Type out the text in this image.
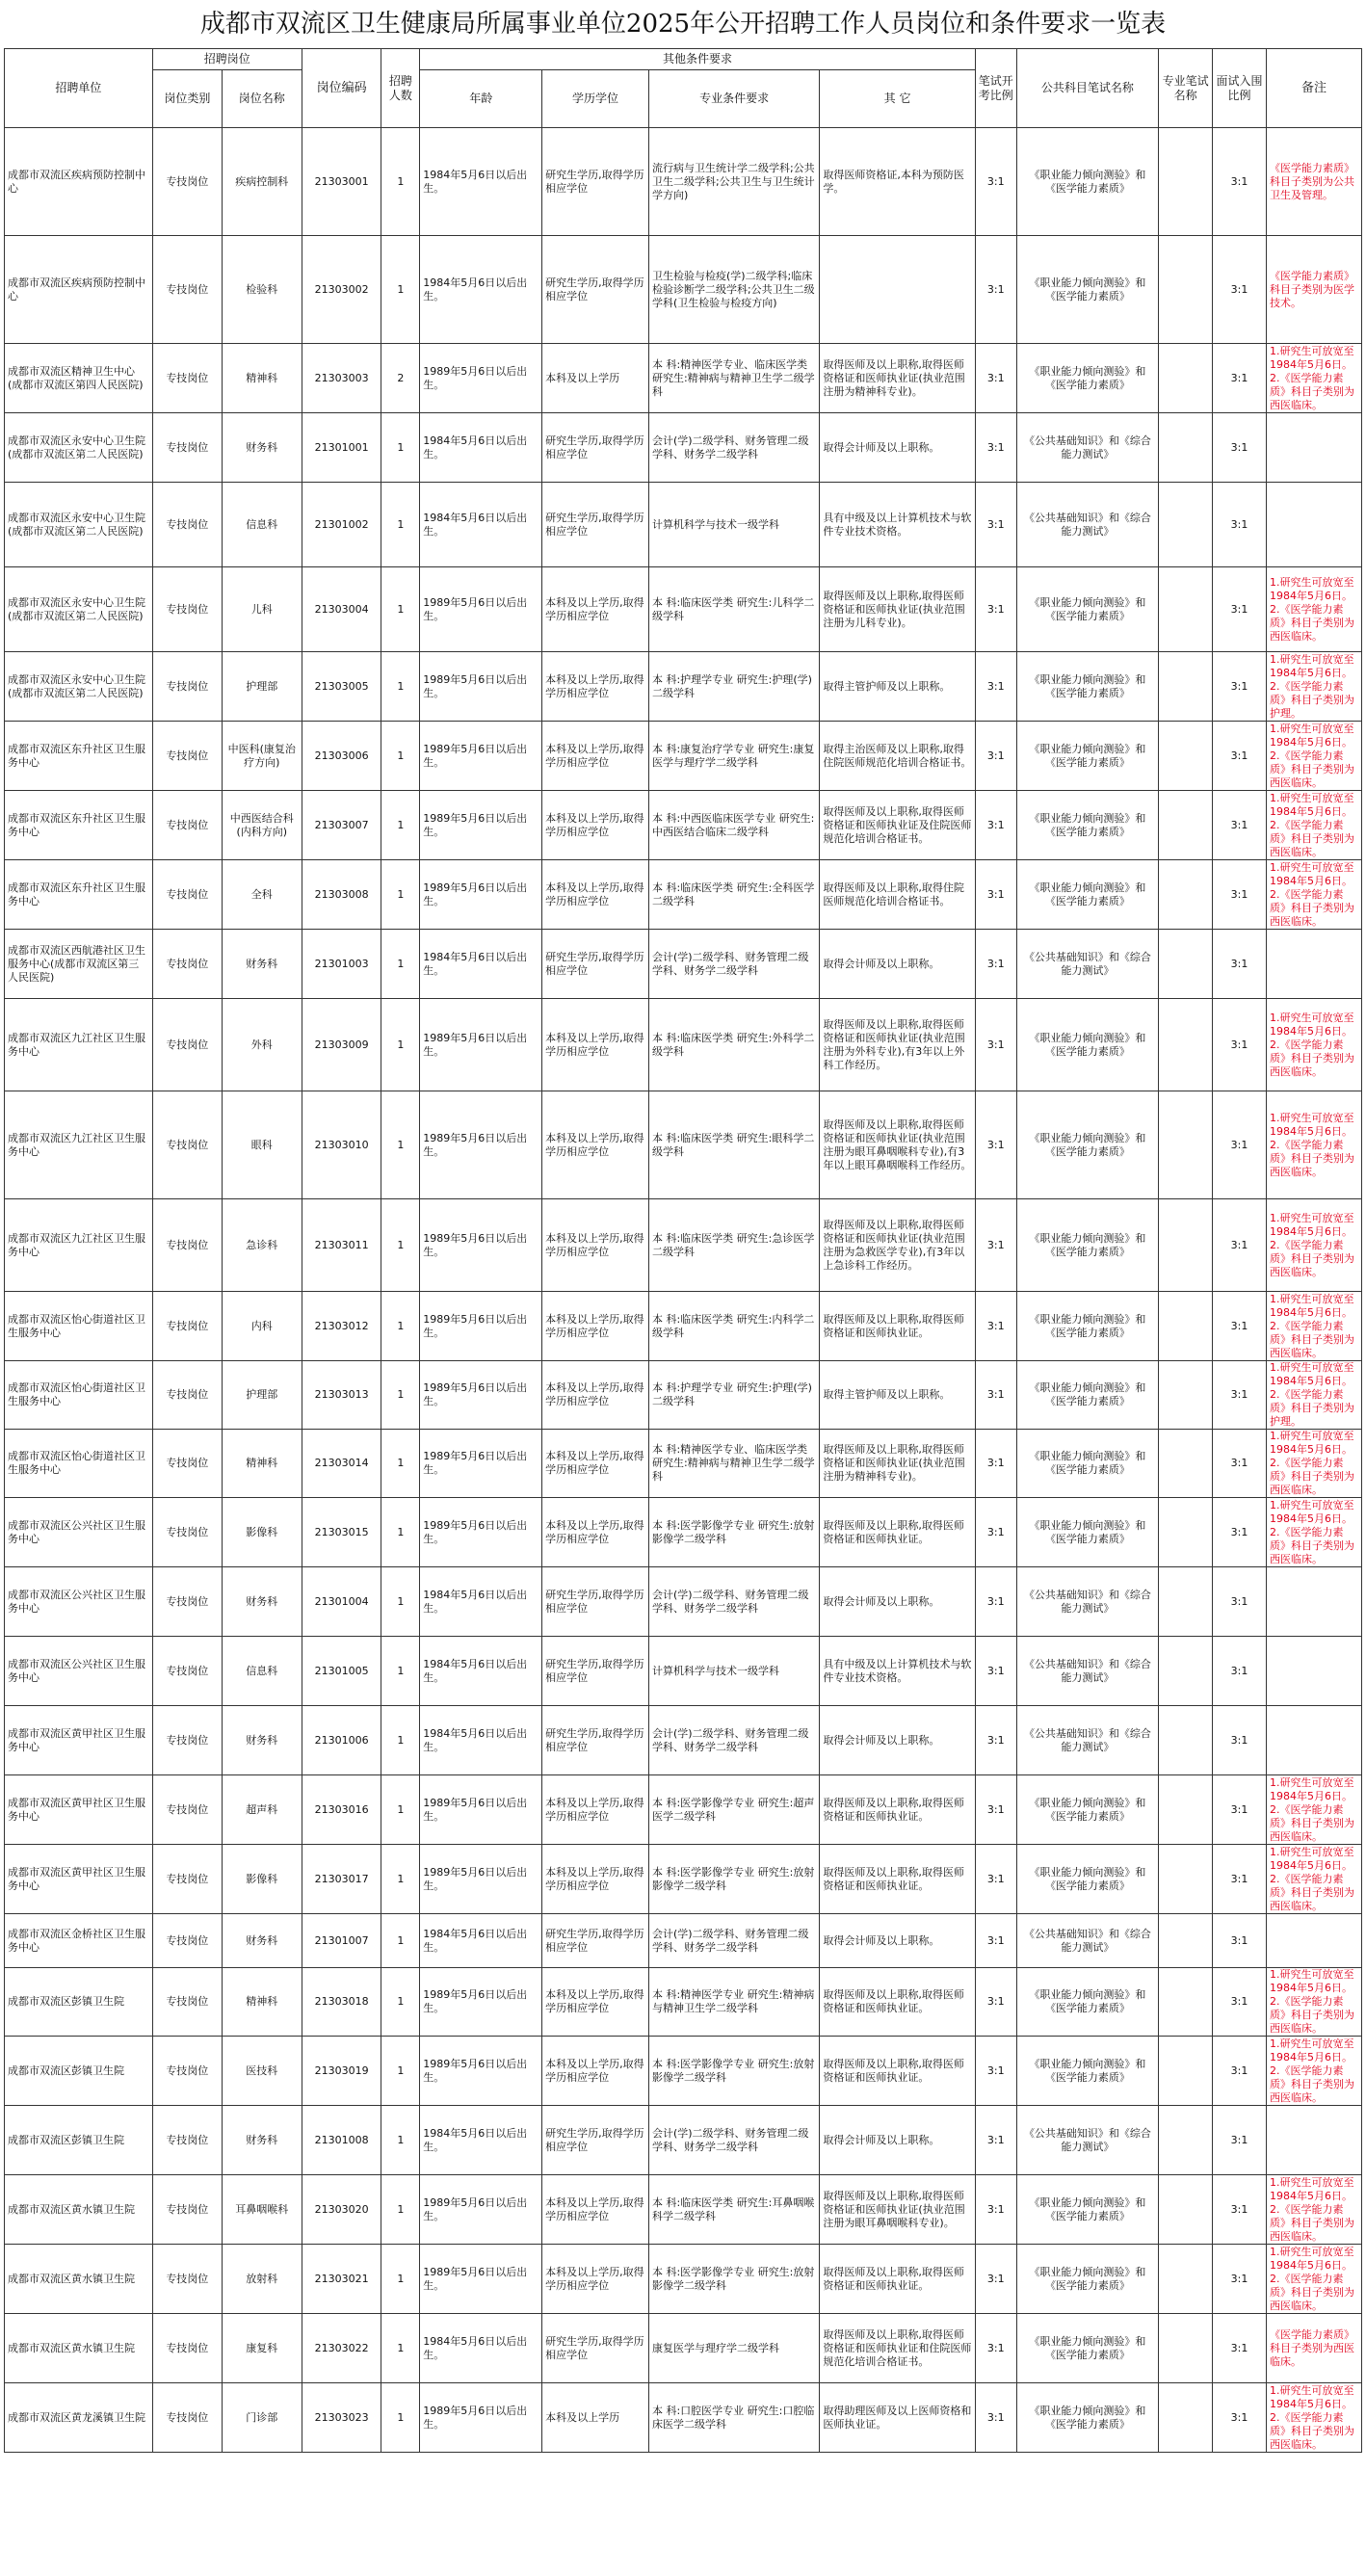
成都市双流区卫生健康局所属事业单位2025年公开招聘工作人员岗位和条件要求一览表
招聘单位	招聘岗位		岗位编码	招聘人数	其他条件要求				笔试开考比例	公共科目笔试名称	专业笔试名称	面试入围比例	备注
	岗位类别	岗位名称			年龄	学历学位	专业条件要求	其 它					
成都市双流区疾病预防控制中心	专技岗位	疾病控制科	21303001	1	1984年5月6日以后出生。	研究生学历,取得学历相应学位	流行病与卫生统计学二级学科;公共卫生二级学科;公共卫生与卫生统计学方向)	取得医师资格证,本科为预防医学。	3:1	《职业能力倾向测验》和《医学能力素质》		3:1	《医学能力素质》科目子类别为公共卫生及管理。
成都市双流区疾病预防控制中心	专技岗位	检验科	21303002	1	1984年5月6日以后出生。	研究生学历,取得学历相应学位	卫生检验与检疫(学)二级学科;临床检验诊断学二级学科;公共卫生二级学科(卫生检验与检疫方向)		3:1	《职业能力倾向测验》和《医学能力素质》		3:1	《医学能力素质》科目子类别为医学技术。
成都市双流区精神卫生中心(成都市双流区第四人民医院)	专技岗位	精神科	21303003	2	1989年5月6日以后出生。	本科及以上学历	本 科:精神医学专业、临床医学类 研究生:精神病与精神卫生学二级学科	取得医师及以上职称,取得医师资格证和医师执业证(执业范围注册为精神科专业)。	3:1	《职业能力倾向测验》和《医学能力素质》		3:1	1.研究生可放宽至1984年5月6日。 2.《医学能力素质》科目子类别为西医临床。
成都市双流区永安中心卫生院(成都市双流区第二人民医院)	专技岗位	财务科	21301001	1	1984年5月6日以后出生。	研究生学历,取得学历相应学位	会计(学)二级学科、财务管理二级学科、财务学二级学科	取得会计师及以上职称。	3:1	《公共基础知识》和《综合能力测试》		3:1	
成都市双流区永安中心卫生院(成都市双流区第二人民医院)	专技岗位	信息科	21301002	1	1984年5月6日以后出生。	研究生学历,取得学历相应学位	计算机科学与技术一级学科	具有中级及以上计算机技术与软件专业技术资格。	3:1	《公共基础知识》和《综合能力测试》		3:1	
成都市双流区永安中心卫生院(成都市双流区第二人民医院)	专技岗位	儿科	21303004	1	1989年5月6日以后出生。	本科及以上学历,取得学历相应学位	本 科:临床医学类 研究生:儿科学二级学科	取得医师及以上职称,取得医师资格证和医师执业证(执业范围注册为儿科专业)。	3:1	《职业能力倾向测验》和《医学能力素质》		3:1	1.研究生可放宽至1984年5月6日。 2.《医学能力素质》科目子类别为西医临床。
成都市双流区永安中心卫生院(成都市双流区第二人民医院)	专技岗位	护理部	21303005	1	1989年5月6日以后出生。	本科及以上学历,取得学历相应学位	本 科:护理学专业 研究生:护理(学)二级学科	取得主管护师及以上职称。	3:1	《职业能力倾向测验》和《医学能力素质》		3:1	1.研究生可放宽至1984年5月6日。 2.《医学能力素质》科目子类别为护理。
成都市双流区东升社区卫生服务中心	专技岗位	中医科(康复治疗方向)	21303006	1	1989年5月6日以后出生。	本科及以上学历,取得学历相应学位	本 科:康复治疗学专业 研究生:康复医学与理疗学二级学科	取得主治医师及以上职称,取得住院医师规范化培训合格证书。	3:1	《职业能力倾向测验》和《医学能力素质》		3:1	1.研究生可放宽至1984年5月6日。 2.《医学能力素质》科目子类别为西医临床。
成都市双流区东升社区卫生服务中心	专技岗位	中西医结合科(内科方向)	21303007	1	1989年5月6日以后出生。	本科及以上学历,取得学历相应学位	本 科:中西医临床医学专业 研究生:中西医结合临床二级学科	取得医师及以上职称,取得医师资格证和医师执业证及住院医师规范化培训合格证书。	3:1	《职业能力倾向测验》和《医学能力素质》		3:1	1.研究生可放宽至1984年5月6日。 2.《医学能力素质》科目子类别为西医临床。
成都市双流区东升社区卫生服务中心	专技岗位	全科	21303008	1	1989年5月6日以后出生。	本科及以上学历,取得学历相应学位	本 科:临床医学类 研究生:全科医学二级学科	取得医师及以上职称,取得住院医师规范化培训合格证书。	3:1	《职业能力倾向测验》和《医学能力素质》		3:1	1.研究生可放宽至1984年5月6日。 2.《医学能力素质》科目子类别为西医临床。
成都市双流区西航港社区卫生服务中心(成都市双流区第三人民医院)	专技岗位	财务科	21301003	1	1984年5月6日以后出生。	研究生学历,取得学历相应学位	会计(学)二级学科、财务管理二级学科、财务学二级学科	取得会计师及以上职称。	3:1	《公共基础知识》和《综合能力测试》		3:1	
成都市双流区九江社区卫生服务中心	专技岗位	外科	21303009	1	1989年5月6日以后出生。	本科及以上学历,取得学历相应学位	本 科:临床医学类 研究生:外科学二级学科	取得医师及以上职称,取得医师资格证和医师执业证(执业范围注册为外科专业),有3年以上外科工作经历。	3:1	《职业能力倾向测验》和《医学能力素质》		3:1	1.研究生可放宽至1984年5月6日。 2.《医学能力素质》科目子类别为西医临床。
成都市双流区九江社区卫生服务中心	专技岗位	眼科	21303010	1	1989年5月6日以后出生。	本科及以上学历,取得学历相应学位	本 科:临床医学类 研究生:眼科学二级学科	取得医师及以上职称,取得医师资格证和医师执业证(执业范围注册为眼耳鼻咽喉科专业),有3年以上眼耳鼻咽喉科工作经历。	3:1	《职业能力倾向测验》和《医学能力素质》		3:1	1.研究生可放宽至1984年5月6日。 2.《医学能力素质》科目子类别为西医临床。
成都市双流区九江社区卫生服务中心	专技岗位	急诊科	21303011	1	1989年5月6日以后出生。	本科及以上学历,取得学历相应学位	本 科:临床医学类 研究生:急诊医学二级学科	取得医师及以上职称,取得医师资格证和医师执业证(执业范围注册为急救医学专业),有3年以上急诊科工作经历。	3:1	《职业能力倾向测验》和《医学能力素质》		3:1	1.研究生可放宽至1984年5月6日。 2.《医学能力素质》科目子类别为西医临床。
成都市双流区怡心街道社区卫生服务中心	专技岗位	内科	21303012	1	1989年5月6日以后出生。	本科及以上学历,取得学历相应学位	本 科:临床医学类 研究生:内科学二级学科	取得医师及以上职称,取得医师资格证和医师执业证。	3:1	《职业能力倾向测验》和《医学能力素质》		3:1	1.研究生可放宽至1984年5月6日。 2.《医学能力素质》科目子类别为西医临床。
成都市双流区怡心街道社区卫生服务中心	专技岗位	护理部	21303013	1	1989年5月6日以后出生。	本科及以上学历,取得学历相应学位	本 科:护理学专业 研究生:护理(学)二级学科	取得主管护师及以上职称。	3:1	《职业能力倾向测验》和《医学能力素质》		3:1	1.研究生可放宽至1984年5月6日。 2.《医学能力素质》科目子类别为护理。
成都市双流区怡心街道社区卫生服务中心	专技岗位	精神科	21303014	1	1989年5月6日以后出生。	本科及以上学历,取得学历相应学位	本 科:精神医学专业、临床医学类 研究生:精神病与精神卫生学二级学科	取得医师及以上职称,取得医师资格证和医师执业证(执业范围注册为精神科专业)。	3:1	《职业能力倾向测验》和《医学能力素质》		3:1	1.研究生可放宽至1984年5月6日。 2.《医学能力素质》科目子类别为西医临床。
成都市双流区公兴社区卫生服务中心	专技岗位	影像科	21303015	1	1989年5月6日以后出生。	本科及以上学历,取得学历相应学位	本 科:医学影像学专业 研究生:放射影像学二级学科	取得医师及以上职称,取得医师资格证和医师执业证。	3:1	《职业能力倾向测验》和《医学能力素质》		3:1	1.研究生可放宽至1984年5月6日。 2.《医学能力素质》科目子类别为西医临床。
成都市双流区公兴社区卫生服务中心	专技岗位	财务科	21301004	1	1984年5月6日以后出生。	研究生学历,取得学历相应学位	会计(学)二级学科、财务管理二级学科、财务学二级学科	取得会计师及以上职称。	3:1	《公共基础知识》和《综合能力测试》		3:1	
成都市双流区公兴社区卫生服务中心	专技岗位	信息科	21301005	1	1984年5月6日以后出生。	研究生学历,取得学历相应学位	计算机科学与技术一级学科	具有中级及以上计算机技术与软件专业技术资格。	3:1	《公共基础知识》和《综合能力测试》		3:1	
成都市双流区黄甲社区卫生服务中心	专技岗位	财务科	21301006	1	1984年5月6日以后出生。	研究生学历,取得学历相应学位	会计(学)二级学科、财务管理二级学科、财务学二级学科	取得会计师及以上职称。	3:1	《公共基础知识》和《综合能力测试》		3:1	
成都市双流区黄甲社区卫生服务中心	专技岗位	超声科	21303016	1	1989年5月6日以后出生。	本科及以上学历,取得学历相应学位	本 科:医学影像学专业 研究生:超声医学二级学科	取得医师及以上职称,取得医师资格证和医师执业证。	3:1	《职业能力倾向测验》和《医学能力素质》		3:1	1.研究生可放宽至1984年5月6日。 2.《医学能力素质》科目子类别为西医临床。
成都市双流区黄甲社区卫生服务中心	专技岗位	影像科	21303017	1	1989年5月6日以后出生。	本科及以上学历,取得学历相应学位	本 科:医学影像学专业 研究生:放射影像学二级学科	取得医师及以上职称,取得医师资格证和医师执业证。	3:1	《职业能力倾向测验》和《医学能力素质》		3:1	1.研究生可放宽至1984年5月6日。 2.《医学能力素质》科目子类别为西医临床。
成都市双流区金桥社区卫生服务中心	专技岗位	财务科	21301007	1	1984年5月6日以后出生。	研究生学历,取得学历相应学位	会计(学)二级学科、财务管理二级学科、财务学二级学科	取得会计师及以上职称。	3:1	《公共基础知识》和《综合能力测试》		3:1	
成都市双流区彭镇卫生院	专技岗位	精神科	21303018	1	1989年5月6日以后出生。	本科及以上学历,取得学历相应学位	本 科:精神医学专业 研究生:精神病与精神卫生学二级学科	取得医师及以上职称,取得医师资格证和医师执业证。	3:1	《职业能力倾向测验》和《医学能力素质》		3:1	1.研究生可放宽至1984年5月6日。 2.《医学能力素质》科目子类别为西医临床。
成都市双流区彭镇卫生院	专技岗位	医技科	21303019	1	1989年5月6日以后出生。	本科及以上学历,取得学历相应学位	本 科:医学影像学专业 研究生:放射影像学二级学科	取得医师及以上职称,取得医师资格证和医师执业证。	3:1	《职业能力倾向测验》和《医学能力素质》		3:1	1.研究生可放宽至1984年5月6日。 2.《医学能力素质》科目子类别为西医临床。
成都市双流区彭镇卫生院	专技岗位	财务科	21301008	1	1984年5月6日以后出生。	研究生学历,取得学历相应学位	会计(学)二级学科、财务管理二级学科、财务学二级学科	取得会计师及以上职称。	3:1	《公共基础知识》和《综合能力测试》		3:1	
成都市双流区黄水镇卫生院	专技岗位	耳鼻咽喉科	21303020	1	1989年5月6日以后出生。	本科及以上学历,取得学历相应学位	本 科:临床医学类 研究生:耳鼻咽喉科学二级学科	取得医师及以上职称,取得医师资格证和医师执业证(执业范围注册为眼耳鼻咽喉科专业)。	3:1	《职业能力倾向测验》和《医学能力素质》		3:1	1.研究生可放宽至1984年5月6日。 2.《医学能力素质》科目子类别为西医临床。
成都市双流区黄水镇卫生院	专技岗位	放射科	21303021	1	1989年5月6日以后出生。	本科及以上学历,取得学历相应学位	本 科:医学影像学专业 研究生:放射影像学二级学科	取得医师及以上职称,取得医师资格证和医师执业证。	3:1	《职业能力倾向测验》和《医学能力素质》		3:1	1.研究生可放宽至1984年5月6日。 2.《医学能力素质》科目子类别为西医临床。
成都市双流区黄水镇卫生院	专技岗位	康复科	21303022	1	1984年5月6日以后出生。	研究生学历,取得学历相应学位	康复医学与理疗学二级学科	取得医师及以上职称,取得医师资格证和医师执业证和住院医师规范化培训合格证书。	3:1	《职业能力倾向测验》和《医学能力素质》		3:1	《医学能力素质》科目子类别为西医临床。
成都市双流区黄龙溪镇卫生院	专技岗位	门诊部	21303023	1	1989年5月6日以后出生。	本科及以上学历	本 科:口腔医学专业 研究生:口腔临床医学二级学科	取得助理医师及以上医师资格和医师执业证。	3:1	《职业能力倾向测验》和《医学能力素质》		3:1	1.研究生可放宽至1984年5月6日。 2.《医学能力素质》科目子类别为西医临床。
